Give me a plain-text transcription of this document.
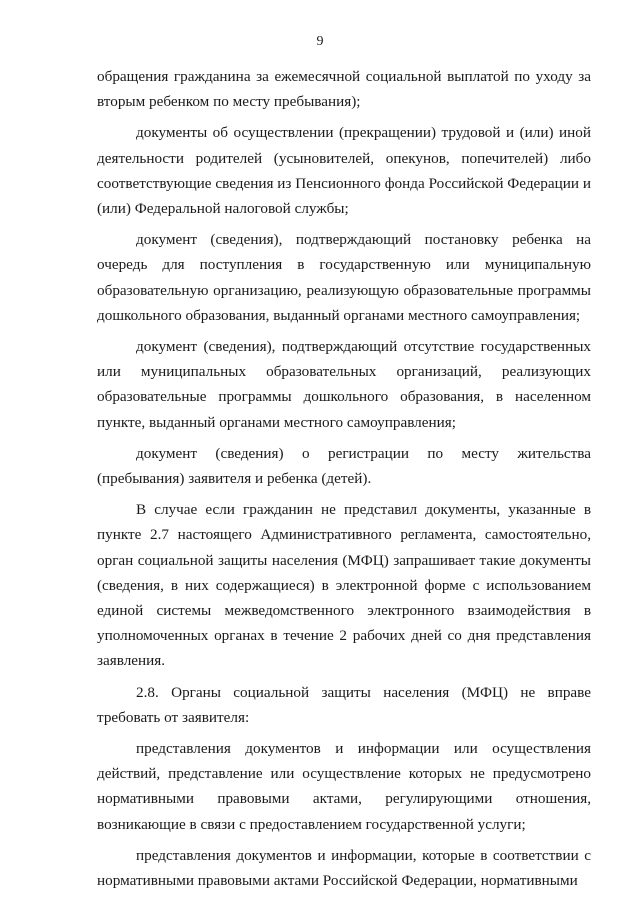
9

обращения гражданина за ежемесячной социальной выплатой по уходу за вторым ребенком по месту пребывания);

документы об осуществлении (прекращении) трудовой и (или) иной деятельности родителей (усыновителей, опекунов, попечителей) либо соответствующие сведения из Пенсионного фонда Российской Федерации и (или) Федеральной налоговой службы;

документ (сведения), подтверждающий постановку ребенка на очередь для поступления в государственную или муниципальную образовательную организацию, реализующую образовательные программы дошкольного образования, выданный органами местного самоуправления;

документ (сведения), подтверждающий отсутствие государственных или муниципальных образовательных организаций, реализующих образовательные программы дошкольного образования, в населенном пункте, выданный органами местного самоуправления;

документ (сведения) о регистрации по месту жительства (пребывания) заявителя и ребенка (детей).

В случае если гражданин не представил документы, указанные в пункте 2.7 настоящего Административного регламента, самостоятельно, орган социальной защиты населения (МФЦ) запрашивает такие документы (сведения, в них содержащиеся) в электронной форме с использованием единой системы межведомственного электронного взаимодействия в уполномоченных органах в течение 2 рабочих дней со дня представления заявления.

2.8. Органы социальной защиты населения (МФЦ) не вправе требовать от заявителя:

представления документов и информации или осуществления действий, представление или осуществление которых не предусмотрено нормативными правовыми актами, регулирующими отношения, возникающие в связи с предоставлением государственной услуги;

представления документов и информации, которые в соответствии с нормативными правовыми актами Российской Федерации, нормативными
